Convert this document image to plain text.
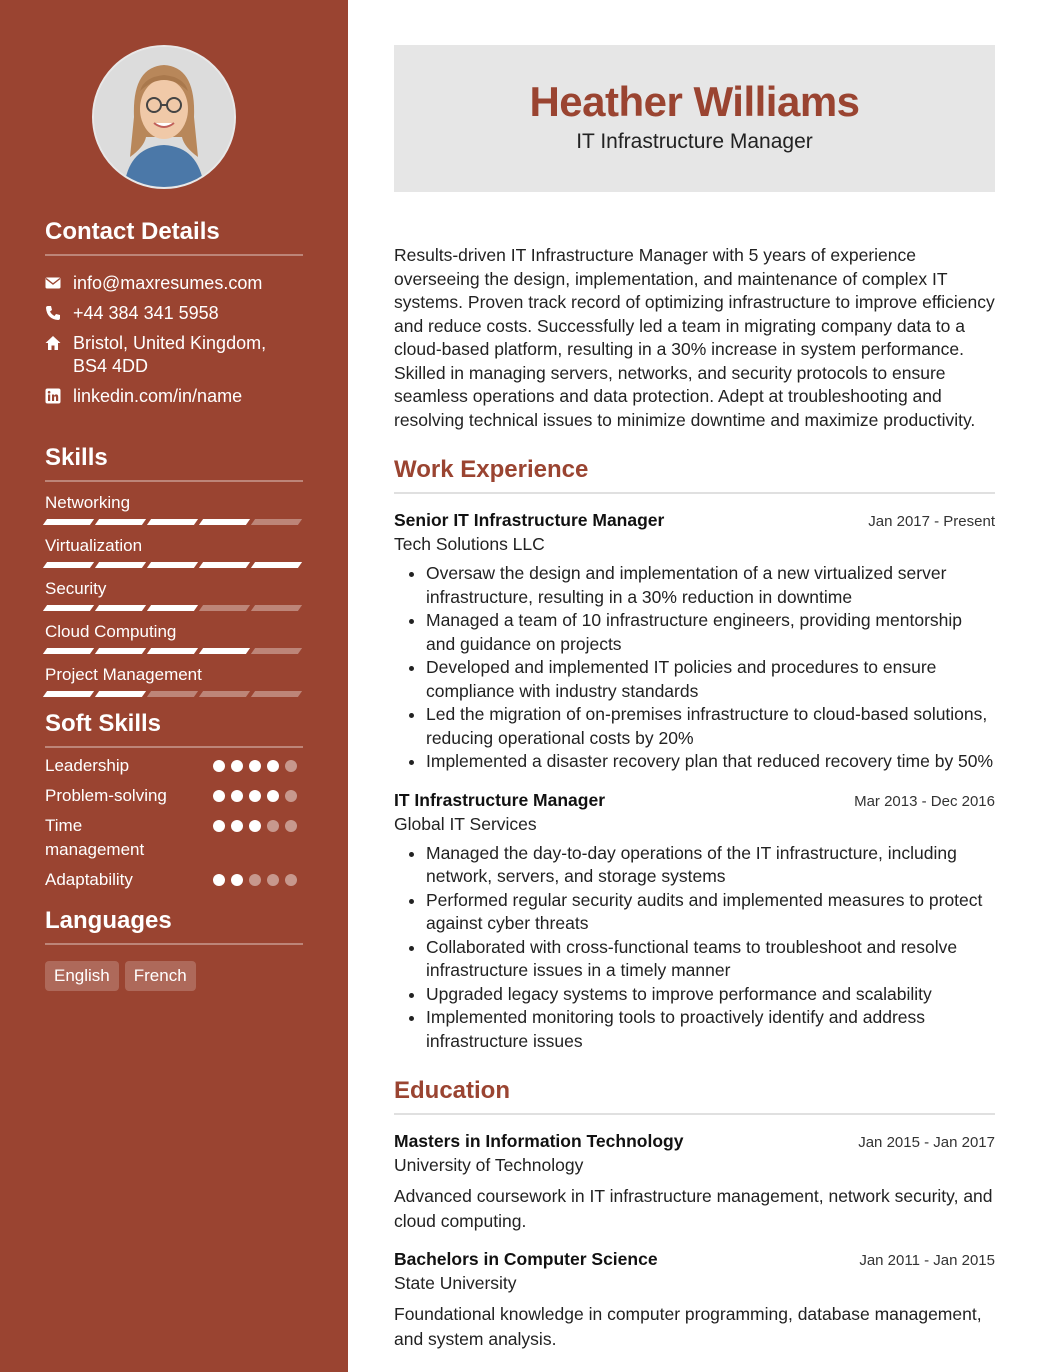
Contact Details
info@maxresumes.com
+44 384 341 5958
Bristol, United Kingdom, BS4 4DD
linkedin.com/in/name
Skills
Networking
Virtualization
Security
Cloud Computing
Project Management
Soft Skills
Leadership
Problem-solving
Time management
Adaptability
Languages
English	French
Heather Williams
IT Infrastructure Manager

Results-driven IT Infrastructure Manager with 5 years of experience overseeing the design, implementation, and maintenance of complex IT systems. Proven track record of optimizing infrastructure to improve efficiency and reduce costs. Successfully led a team in migrating company data to a cloud-based platform, resulting in a 30% increase in system performance. Skilled in managing servers, networks, and security protocols to ensure seamless operations and data protection. Adept at troubleshooting and resolving technical issues to minimize downtime and maximize productivity.

Work Experience
Senior IT Infrastructure Manager	Jan 2017 - Present
Tech Solutions LLC
• Oversaw the design and implementation of a new virtualized server infrastructure, resulting in a 30% reduction in downtime
• Managed a team of 10 infrastructure engineers, providing mentorship and guidance on projects
• Developed and implemented IT policies and procedures to ensure compliance with industry standards
• Led the migration of on-premises infrastructure to cloud-based solutions, reducing operational costs by 20%
• Implemented a disaster recovery plan that reduced recovery time by 50%
IT Infrastructure Manager	Mar 2013 - Dec 2016
Global IT Services
• Managed the day-to-day operations of the IT infrastructure, including network, servers, and storage systems
• Performed regular security audits and implemented measures to protect against cyber threats
• Collaborated with cross-functional teams to troubleshoot and resolve infrastructure issues in a timely manner
• Upgraded legacy systems to improve performance and scalability
• Implemented monitoring tools to proactively identify and address infrastructure issues
Education
Masters in Information Technology	Jan 2015 - Jan 2017
University of Technology

Advanced coursework in IT infrastructure management, network security, and cloud computing.

Bachelors in Computer Science	Jan 2011 - Jan 2015
State University

Foundational knowledge in computer programming, database management, and system analysis.
